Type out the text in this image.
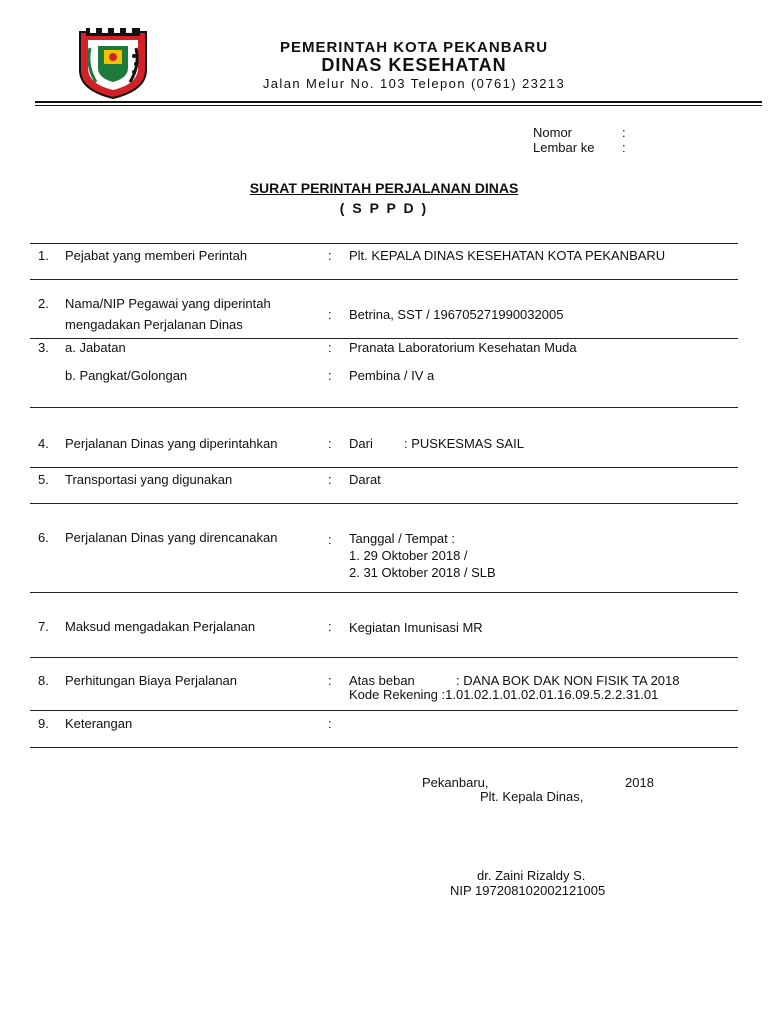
PEMERINTAH KOTA PEKANBARU
DINAS KESEHATAN
Jalan Melur No. 103 Telepon (0761) 23213
Nomor	:
Lembar ke :
SURAT PERINTAH PERJALANAN DINAS
( S P P D )
1. Pejabat yang memberi Perintah	: Plt. KEPALA DINAS KESEHATAN KOTA PEKANBARU
2. Nama/NIP Pegawai yang diperintah
mengadakan Perjalanan Dinas
: Betrina, SST / 196705271990032005
3. a. Jabatan	: Pranata Laboratorium Kesehatan Muda
b. Pangkat/Golongan	: Pembina / IV a
4. Perjalanan Dinas yang diperintahkan	: Dari : PUSKESMAS SAIL
5. Transportasi yang digunakan	: Darat
6. Perjalanan Dinas yang direncanakan	: Tanggal / Tempat :
1. 29 Oktober 2018 /
2. 31 Oktober 2018 / SLB
7. Maksud mengadakan Perjalanan	: Kegiatan Imunisasi MR
8. Perhitungan Biaya Perjalanan	: Atas beban	: DANA BOK DAK NON FISIK TA 2018
Kode Rekening :1.01.02.1.01.02.01.16.09.5.2.2.31.01
9. Keterangan	:
Pekanbaru,	2018
Plt. Kepala Dinas,
dr. Zaini Rizaldy S.
NIP 197208102002121005
